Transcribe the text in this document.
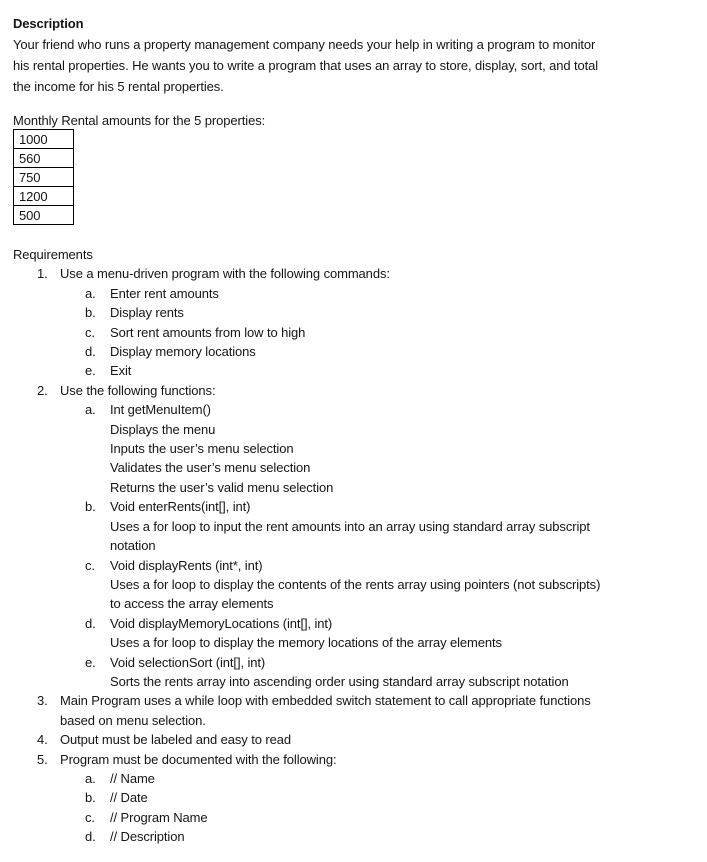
Description
Your friend who runs a property management company needs your help in writing a program to monitor
his rental properties. He wants you to write a program that uses an array to store, display, sort, and total
the income for his 5 rental properties.
Monthly Rental amounts for the 5 properties:
1000
560
750
1200
500
Requirements
1. Use a menu-driven program with the following commands:
a.	Enter rent amounts
b.	Display rents
c.	Sort rent amounts from low to high
d.	Display memory locations
e.	Exit
2. Use the following functions:
a.	Int getMenuItem()
Displays the menu
Inputs the user’s menu selection
Validates the user’s menu selection
Returns the user’s valid menu selection
b.	Void enterRents(int[], int)
Uses a for loop to input the rent amounts into an array using standard array subscript
notation
c.	Void displayRents (int*, int)
Uses a for loop to display the contents of the rents array using pointers (not subscripts)
to access the array elements
d.	Void displayMemoryLocations (int[], int)
Uses a for loop to display the memory locations of the array elements
e.	Void selectionSort (int[], int)
Sorts the rents array into ascending order using standard array subscript notation
3. Main Program uses a while loop with embedded switch statement to call appropriate functions
based on menu selection.
4. Output must be labeled and easy to read
5. Program must be documented with the following:
a.	// Name
b.	// Date
c.	// Program Name
d.	// Description
